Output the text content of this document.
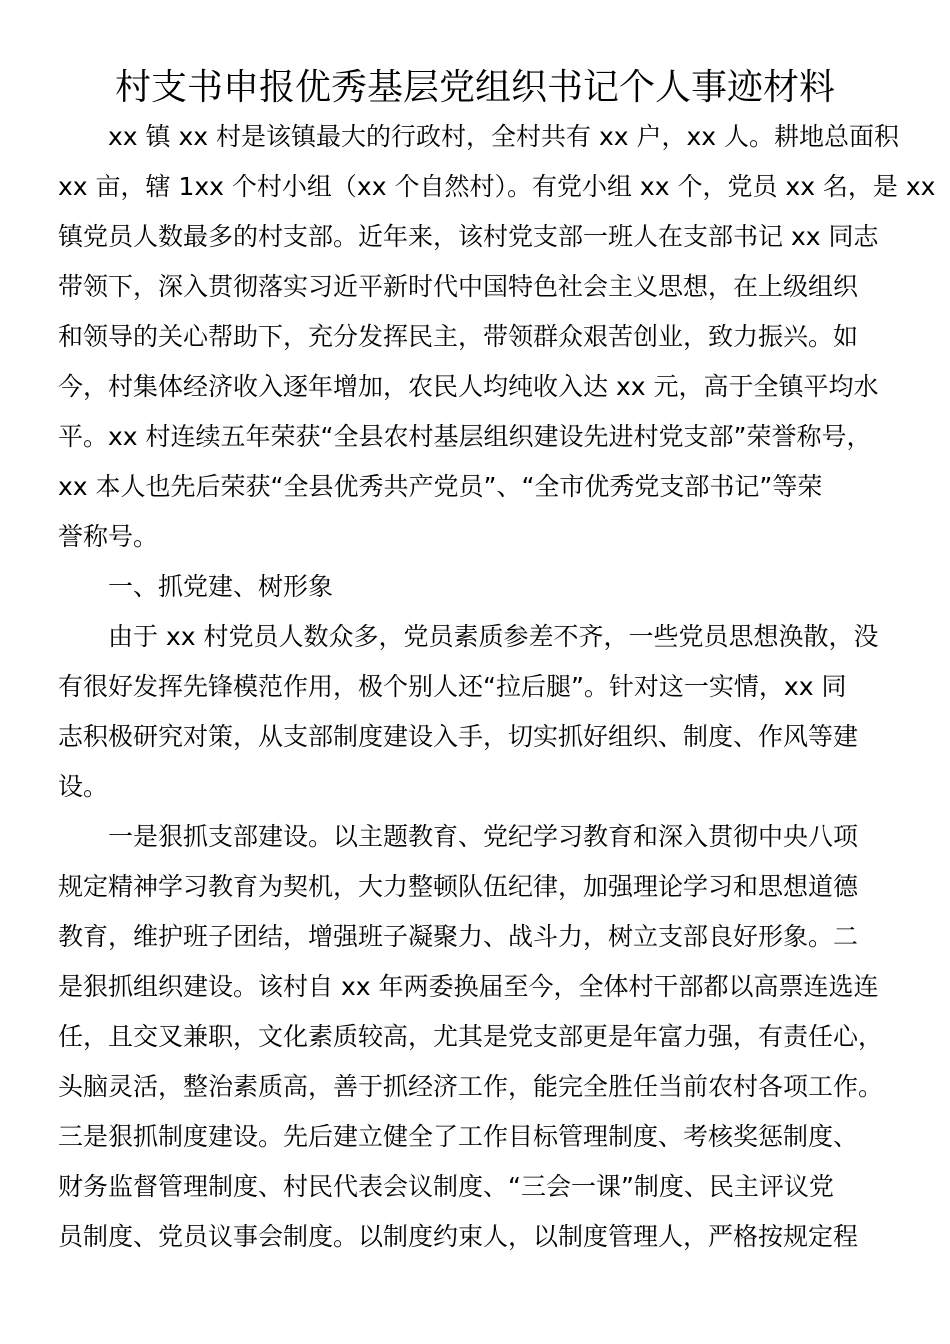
村支书申报优秀基层党组织书记个人事迹材料
xx 镇 xx 村是该镇最大的行政村，全村共有 xx 户，xx 人。耕地总面积
xx 亩，辖 1xx 个村小组（xx 个自然村）。有党小组 xx 个，党员 xx 名，是 xx
镇党员人数最多的村支部。近年来，该村党支部一班人在支部书记 xx 同志
带领下，深入贯彻落实习近平新时代中国特色社会主义思想，在上级组织
和领导的关心帮助下，充分发挥民主，带领群众艰苦创业，致力振兴。如
今，村集体经济收入逐年增加，农民人均纯收入达 xx 元，高于全镇平均水
平。xx 村连续五年荣获“全县农村基层组织建设先进村党支部”荣誉称号，
xx 本人也先后荣获“全县优秀共产党员”、“全市优秀党支部书记”等荣
誉称号。
一、抓党建、树形象
由于 xx 村党员人数众多，党员素质参差不齐，一些党员思想涣散，没
有很好发挥先锋模范作用，极个别人还“拉后腿”。针对这一实情，xx 同
志积极研究对策，从支部制度建设入手，切实抓好组织、制度、作风等建
设。
一是狠抓支部建设。以主题教育、党纪学习教育和深入贯彻中央八项
规定精神学习教育为契机，大力整顿队伍纪律，加强理论学习和思想道德
教育，维护班子团结，增强班子凝聚力、战斗力，树立支部良好形象。二
是狠抓组织建设。该村自 xx 年两委换届至今，全体村干部都以高票连选连
任，且交叉兼职，文化素质较高，尤其是党支部更是年富力强，有责任心，
头脑灵活，整治素质高，善于抓经济工作，能完全胜任当前农村各项工作。
三是狠抓制度建设。先后建立健全了工作目标管理制度、考核奖惩制度、
财务监督管理制度、村民代表会议制度、“三会一课”制度、民主评议党
员制度、党员议事会制度。以制度约束人，以制度管理人，严格按规定程
